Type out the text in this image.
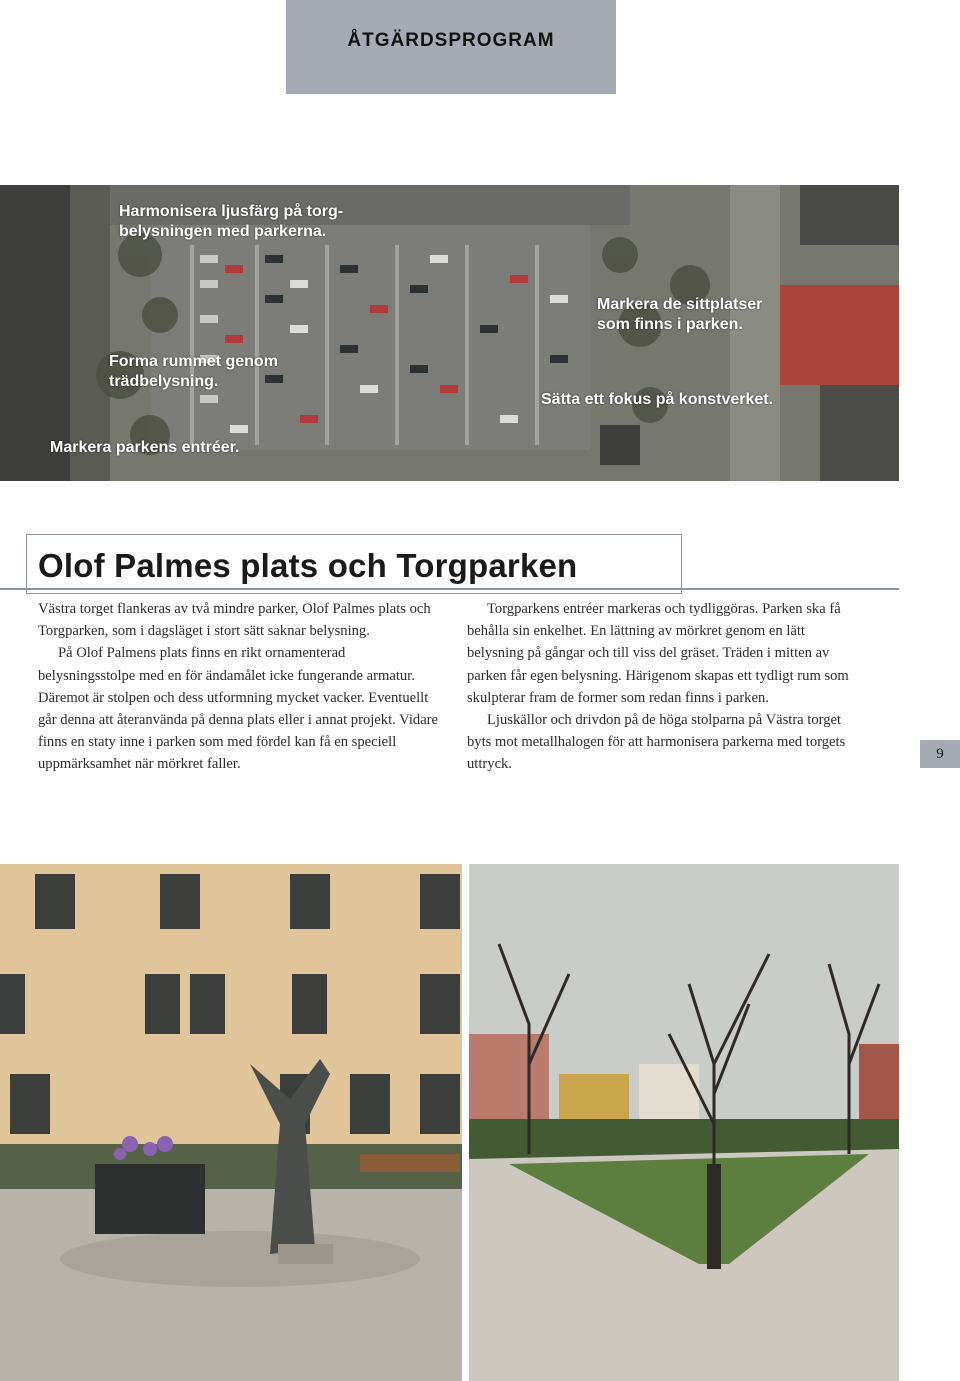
ÅTGÄRDSPROGRAM
Harmonisera ljusfärg på torg-
belysningen med parkerna.
Forma rummet genom
trädbelysning.
Markera parkens entréer.
Markera de sittplatser
som finns i parken.
Sätta ett fokus på konstverket.
Olof Palmes plats och Torgparken

Västra torget flankeras av två mindre parker, Olof Palmes plats och Torgparken, som i dagsläget i stort sätt saknar belysning.

På Olof Palmens plats finns en rikt ornamenterad belysningsstolpe med en för ändamålet icke fungerande armatur. Däremot är stolpen och dess utformning mycket vacker. Eventuellt går denna att återanvända på denna plats eller i annat projekt. Vidare finns en staty inne i parken som med fördel kan få en speciell uppmärksamhet när mörkret faller.

Torgparkens entréer markeras och tydliggöras. Parken ska få behålla sin enkelhet. En lättning av mörkret genom en lätt belysning på gångar och till viss del gräset. Träden i mitten av parken får egen belysning. Härigenom skapas ett tydligt rum som skulpterar fram de former som redan finns i parken.

Ljuskällor och drivdon på de höga stolparna på Västra torget byts mot metallhalogen för att harmonisera parkerna med torgets uttryck.

9
